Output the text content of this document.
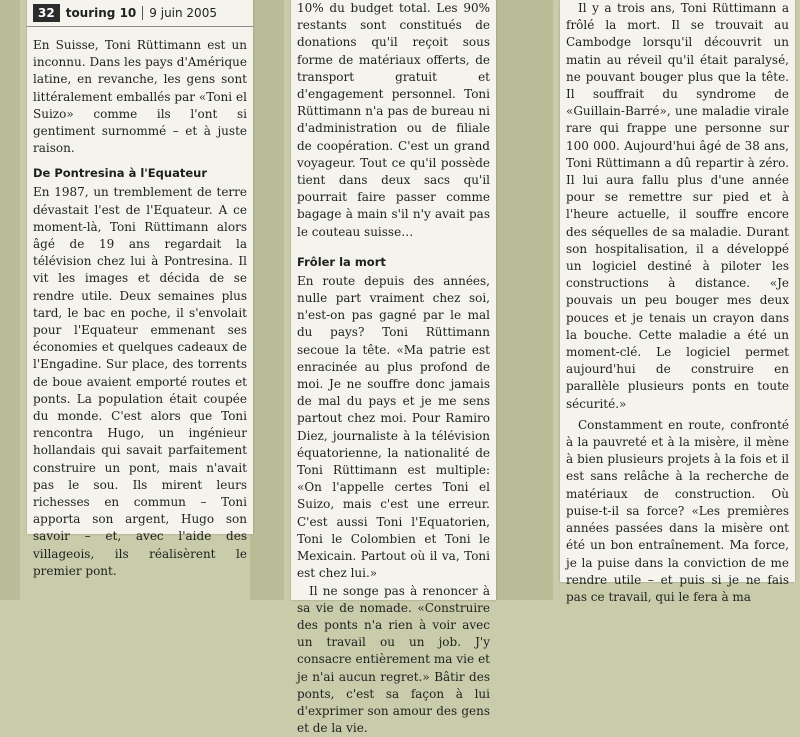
32 touring 10 9 juin 2005

En Suisse, Toni Rüttimann est un inconnu. Dans les pays d'Amérique latine, en revanche, les gens sont littéralement emballés par «Toni el Suizo» comme ils l'ont si gentiment surnommé – et à juste raison.

De Pontresina à l'Equateur

En 1987, un tremblement de terre dévastait l'est de l'Equateur. A ce moment-là, Toni Rüttimann alors âgé de 19 ans regardait la télévision chez lui à Pontresina. Il vit les images et décida de se rendre utile. Deux semaines plus tard, le bac en poche, il s'envolait pour l'Equateur emmenant ses économies et quelques cadeaux de l'Engadine. Sur place, des torrents de boue avaient emporté routes et ponts. La population était coupée du monde. C'est alors que Toni rencontra Hugo, un ingénieur hollandais qui savait parfaitement construire un pont, mais n'avait pas le sou. Ils mirent leurs richesses en commun – Toni apporta son argent, Hugo son savoir – et, avec l'aide des villageois, ils réalisèrent le premier pont.

10% du budget total. Les 90% restants sont constitués de donations qu'il reçoit sous forme de matériaux offerts, de transport gratuit et d'engagement personnel. Toni Rüttimann n'a pas de bureau ni d'administration ou de filiale de coopération. C'est un grand voyageur. Tout ce qu'il possède tient dans deux sacs qu'il pourrait faire passer comme bagage à main s'il n'y avait pas le couteau suisse…

Frôler la mort

En route depuis des années, nulle part vraiment chez soi, n'est-on pas gagné par le mal du pays? Toni Rüttimann secoue la tête. «Ma patrie est enracinée au plus profond de moi. Je ne souffre donc jamais de mal du pays et je me sens partout chez moi. Pour Ramiro Diez, journaliste à la télévision équatorienne, la nationalité de Toni Rüttimann est multiple: «On l'appelle certes Toni el Suizo, mais c'est une erreur. C'est aussi Toni l'Equatorien, Toni le Colombien et Toni le Mexicain. Partout où il va, Toni est chez lui.»

Il ne songe pas à renoncer à sa vie de nomade. «Construire des ponts n'a rien à voir avec un travail ou un job. J'y consacre entièrement ma vie et je n'ai aucun regret.» Bâtir des ponts, c'est sa façon à lui d'exprimer son amour des gens et de la vie.

Il y a trois ans, Toni Rüttimann a frôlé la mort. Il se trouvait au Cambodge lorsqu'il découvrit un matin au réveil qu'il était paralysé, ne pouvant bouger plus que la tête. Il souffrait du syndrome de «Guillain-Barré», une maladie virale rare qui frappe une personne sur 100 000. Aujourd'hui âgé de 38 ans, Toni Rüttimann a dû repartir à zéro. Il lui aura fallu plus d'une année pour se remettre sur pied et à l'heure actuelle, il souffre encore des séquelles de sa maladie. Durant son hospitalisation, il a développé un logiciel destiné à piloter les constructions à distance. «Je pouvais un peu bouger mes deux pouces et je tenais un crayon dans la bouche. Cette maladie a été un moment-clé. Le logiciel permet aujourd'hui de construire en parallèle plusieurs ponts en toute sécurité.»

Constamment en route, confronté à la pauvreté et à la misère, il mène à bien plusieurs projets à la fois et il est sans relâche à la recherche de matériaux de construction. Où puise-t-il sa force? «Les premières années passées dans la misère ont été un bon entraînement. Ma force, je la puise dans la conviction de me rendre utile – et puis si je ne fais pas ce travail, qui le fera à ma
